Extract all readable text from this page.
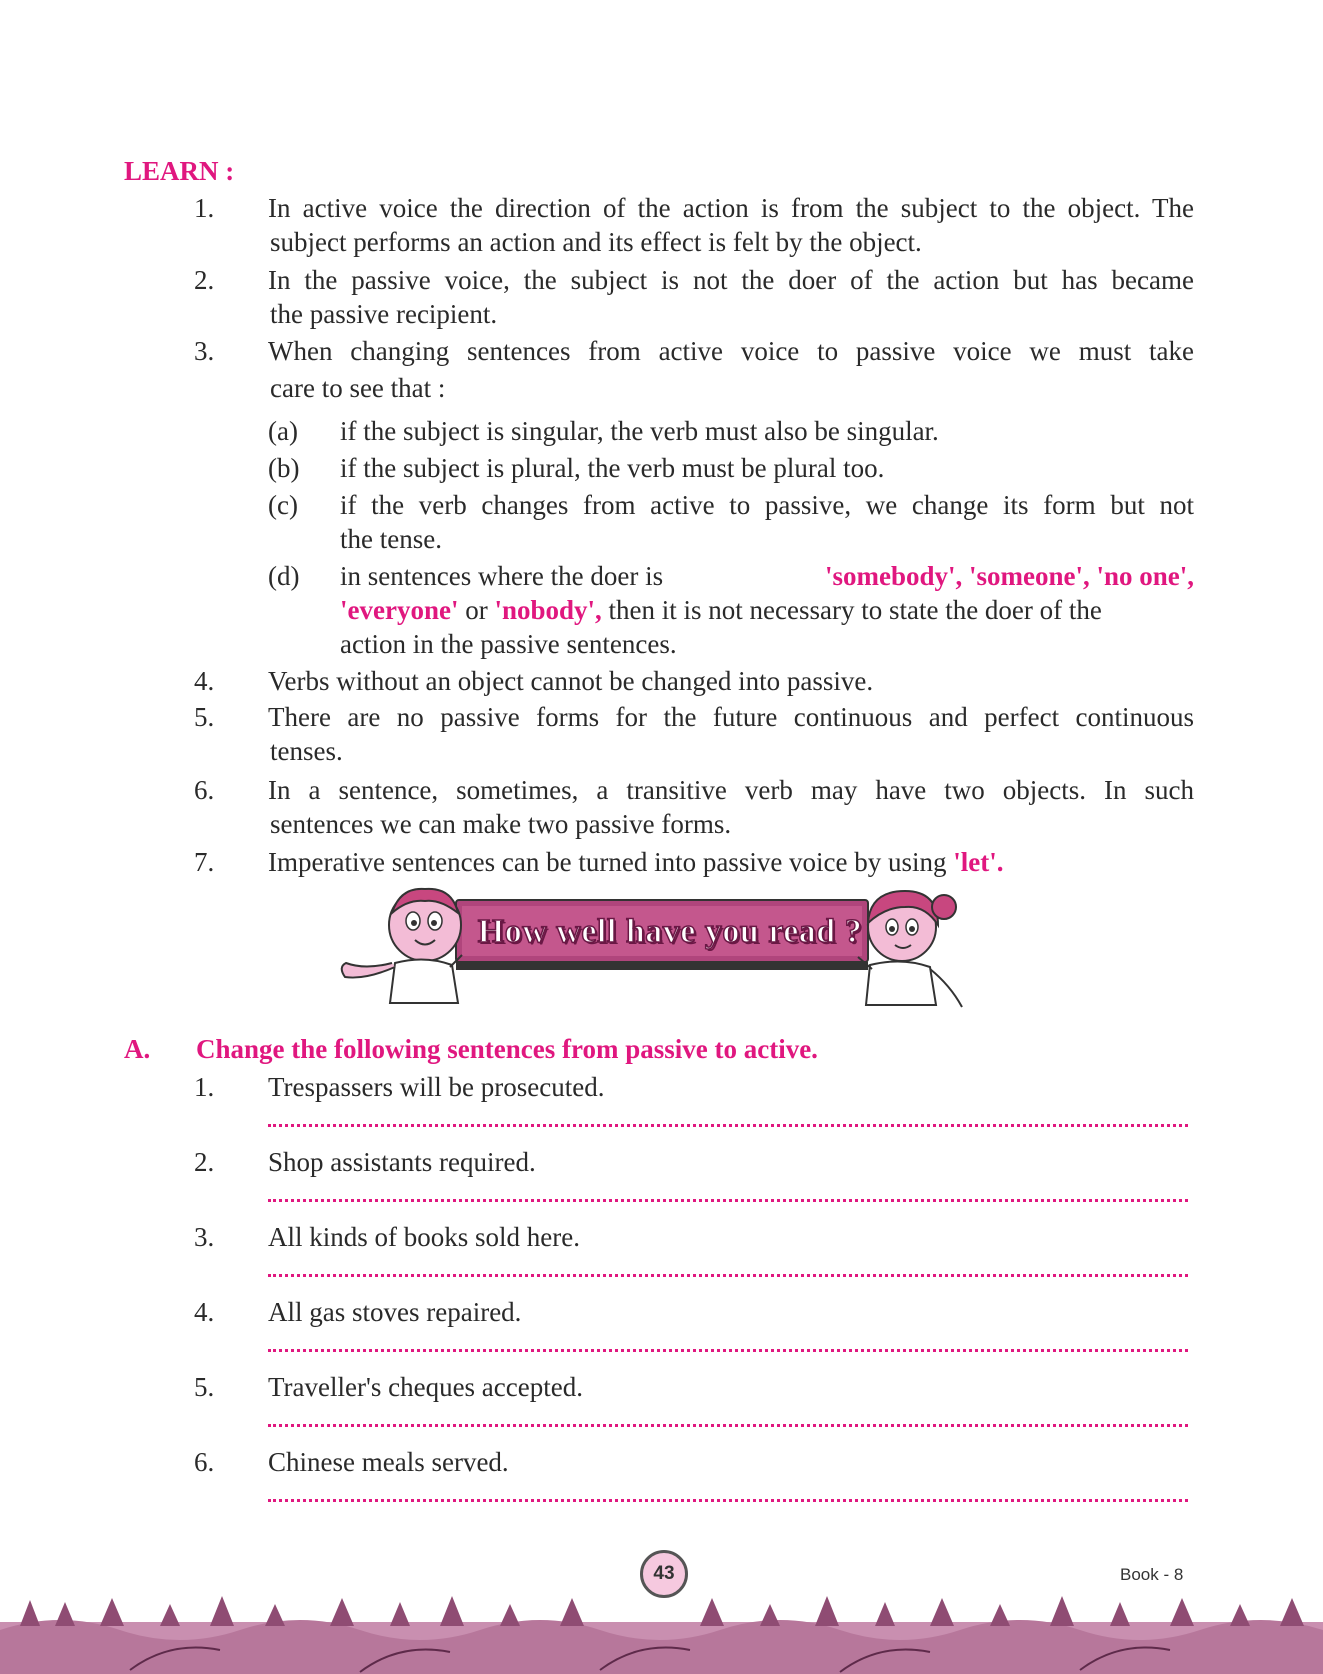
LEARN :
1. In active voice the direction of the action is from the subject to the object. The
subject performs an action and its effect is felt by the object.
2. In the passive voice, the subject is not the doer of the action but has became
the passive recipient.
3. When changing sentences from active voice to passive voice we must take
care to see that :
(a) if the subject is singular, the verb must also be singular.
(b) if the subject is plural, the verb must be plural too.
(c) if the verb changes from active to passive, we change its form but not
the tense.
(d) in sentences where the doer is	'somebody', 'someone', 'no one',
'everyone' or 'nobody', then it is not necessary to state the doer of the
action in the passive sentences.
4. Verbs without an object cannot be changed into passive.
5. There are no passive forms for the future continuous and perfect continuous
tenses.
6. In a sentence, sometimes, a transitive verb may have two objects. In such
sentences we can make two passive forms.
7. Imperative sentences can be turned into passive voice by using 'let'.
How well have you read ?
A. Change the following sentences from passive to active.
1. Trespassers will be prosecuted.
2. Shop assistants required.
3. All kinds of books sold here.
4. All gas stoves repaired.
5. Traveller's cheques accepted.
6. Chinese meals served.
43	Book - 8
